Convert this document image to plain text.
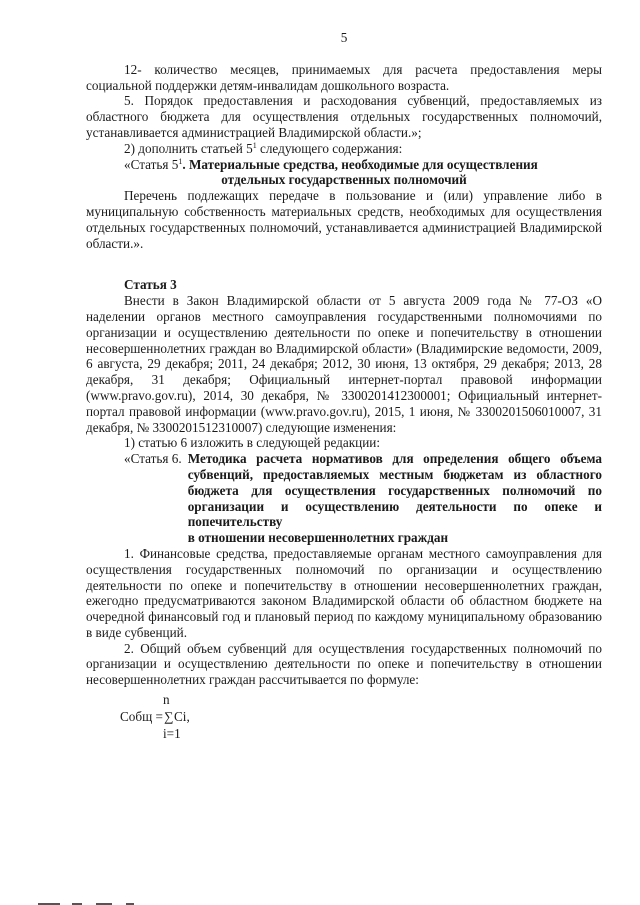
5

12- количество месяцев, принимаемых для расчета предоставления меры социальной поддержки детям-инвалидам дошкольного возраста.

5. Порядок предоставления и расходования субвенций, предоставляемых из областного бюджета для осуществления отдельных государственных полномочий, устанавливается администрацией Владимирской области.»;

2) дополнить статьей $5^1$ следующего содержания:

«Статья $5^1$. Материальные средства, необходимые для осуществления

отдельных государственных полномочий

Перечень подлежащих передаче в пользование и (или) управление либо в муниципальную собственность материальных средств, необходимых для осуществления отдельных государственных полномочий, устанавливается администрацией Владимирской области.».

Статья 3

Внести в Закон Владимирской области от 5 августа 2009 года № 77-ОЗ «О наделении органов местного самоуправления государственными полномочиями по организации и осуществлению деятельности по опеке и попечительству в отношении несовершеннолетних граждан во Владимирской области» (Владимирские ведомости, 2009, 6 августа, 29 декабря; 2011, 24 декабря; 2012, 30 июня, 13 октября, 29 декабря; 2013, 28 декабря, 31 декабря; Официальный интернет-портал правовой информации (www.pravo.gov.ru), 2014, 30 декабря, № 3300201412300001; Официальный интернет-портал правовой информации (www.pravo.gov.ru), 2015, 1 июня, № 3300201506010007, 31 декабря, № 3300201512310007) следующие изменения:

1) статью 6 изложить в следующей редакции:

«Статья 6. Методика расчета нормативов для определения общего объема субвенций, предоставляемых местным бюджетам из областного бюджета для осуществления государственных полномочий по организации и осуществлению деятельности по опеке и попечительству
в отношении несовершеннолетних граждан

1. Финансовые средства, предоставляемые органам местного самоуправления для осуществления государственных полномочий по организации и осуществлению деятельности по опеке и попечительству в отношении несовершеннолетних граждан, ежегодно предусматриваются законом Владимирской области об областном бюджете на очередной финансовый год и плановый период по каждому муниципальному образованию в виде субвенций.

2. Общий объем субвенций для осуществления государственных полномочий по организации и осуществлению деятельности по опеке и попечительству в отношении несовершеннолетних граждан рассчитывается по формуле:

n
Собщ = ∑ Ci,
i=1
